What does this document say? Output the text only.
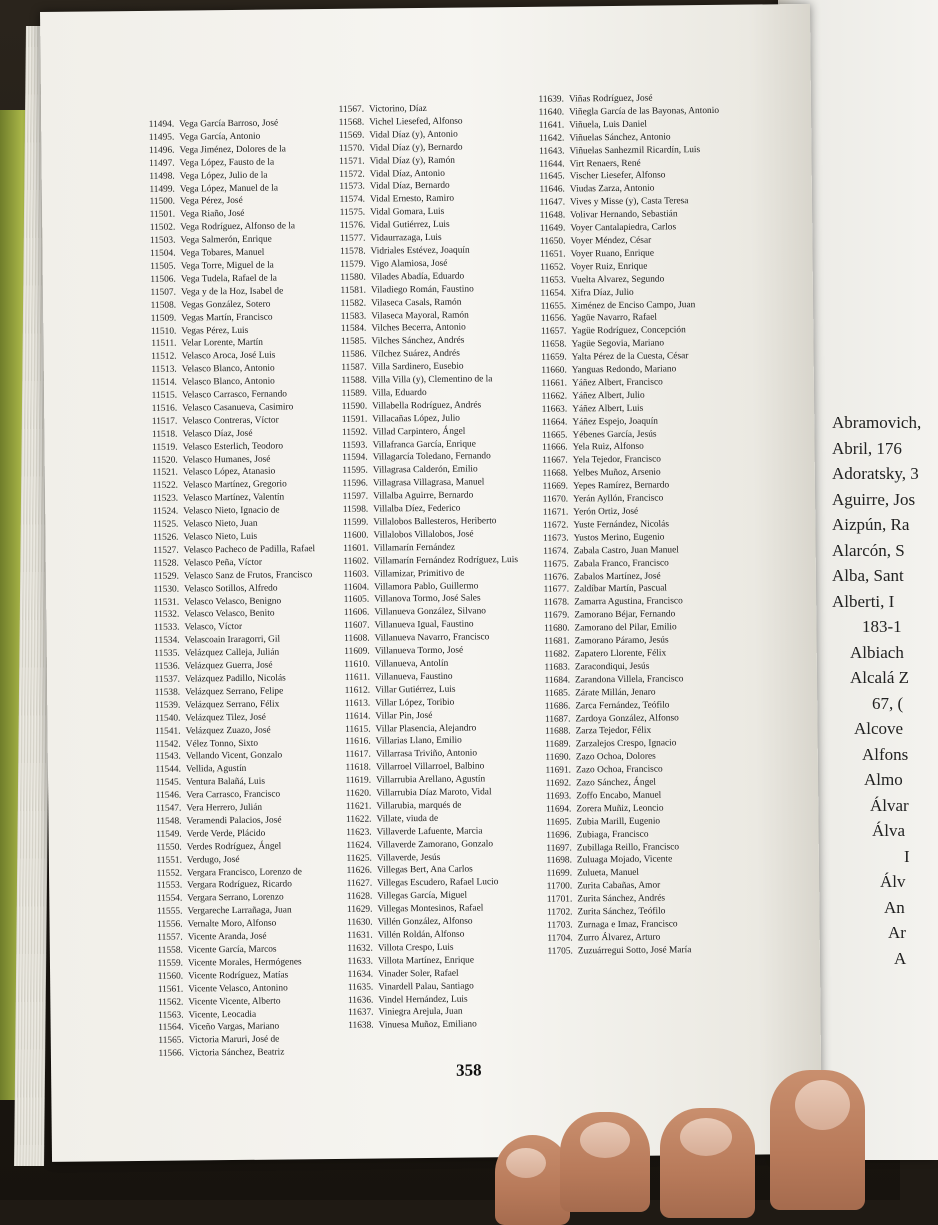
Abramovich,
Abril, 176
Adoratsky, 3
Aguirre, Jos
Aizpún, Ra
Alarcón, S
Alba, Sant
Alberti, I
183-1
Albiach
Alcalá Z
67, (
Alcove
Alfons
Almo
Álvar
Álva
I
Álv
An
Ar
A
11494. Vega García Barroso, José
11495. Vega García, Antonio
11496. Vega Jiménez, Dolores de la
11497. Vega López, Fausto de la
11498. Vega López, Julio de la
11499. Vega López, Manuel de la
11500. Vega Pérez, José
11501. Vega Riaño, José
11502. Vega Rodríguez, Alfonso de la
11503. Vega Salmerón, Enrique
11504. Vega Tobares, Manuel
11505. Vega Torre, Miguel de la
11506. Vega Tudela, Rafael de la
11507. Vega y de la Hoz, Isabel de
11508. Vegas González, Sotero
11509. Vegas Martín, Francisco
11510. Vegas Pérez, Luis
11511. Velar Lorente, Martín
11512. Velasco Aroca, José Luis
11513. Velasco Blanco, Antonio
11514. Velasco Blanco, Antonio
11515. Velasco Carrasco, Fernando
11516. Velasco Casanueva, Casimiro
11517. Velasco Contreras, Víctor
11518. Velasco Díaz, José
11519. Velasco Esterlich, Teodoro
11520. Velasco Humanes, José
11521. Velasco López, Atanasio
11522. Velasco Martínez, Gregorio
11523. Velasco Martínez, Valentín
11524. Velasco Nieto, Ignacio de
11525. Velasco Nieto, Juan
11526. Velasco Nieto, Luis
11527. Velasco Pacheco de Padilla, Rafael
11528. Velasco Peña, Víctor
11529. Velasco Sanz de Frutos, Francisco
11530. Velasco Sotillos, Alfredo
11531. Velasco Velasco, Benigno
11532. Velasco Velasco, Benito
11533. Velasco, Víctor
11534. Velascoain Iraragorri, Gil
11535. Velázquez Calleja, Julián
11536. Velázquez Guerra, José
11537. Velázquez Padillo, Nicolás
11538. Velázquez Serrano, Felipe
11539. Velázquez Serrano, Félix
11540. Velázquez Tilez, José
11541. Velázquez Zuazo, José
11542. Vélez Tonno, Sixto
11543. Vellando Vicent, Gonzalo
11544. Vellida, Agustín
11545. Ventura Balañá, Luis
11546. Vera Carrasco, Francisco
11547. Vera Herrero, Julián
11548. Veramendi Palacios, José
11549. Verde Verde, Plácido
11550. Verdes Rodríguez, Ángel
11551. Verdugo, José
11552. Vergara Francisco, Lorenzo de
11553. Vergara Rodríguez, Ricardo
11554. Vergara Serrano, Lorenzo
11555. Vergareche Larrañaga, Juan
11556. Vernalte Moro, Alfonso
11557. Vicente Aranda, José
11558. Vicente García, Marcos
11559. Vicente Morales, Hermógenes
11560. Vicente Rodríguez, Matías
11561. Vicente Velasco, Antonino
11562. Vicente Vicente, Alberto
11563. Vicente, Leocadia
11564. Viceño Vargas, Mariano
11565. Victoria Maruri, José de
11566. Victoria Sánchez, Beatriz
11567. Victorino, Díaz
11568. Vichel Liesefed, Alfonso
11569. Vidal Díaz (y), Antonio
11570. Vidal Díaz (y), Bernardo
11571. Vidal Díaz (y), Ramón
11572. Vidal Díaz, Antonio
11573. Vidal Díaz, Bernardo
11574. Vidal Ernesto, Ramiro
11575. Vidal Gomara, Luis
11576. Vidal Gutiérrez, Luis
11577. Vidaurrazaga, Luis
11578. Vidriales Estévez, Joaquín
11579. Vigo Alamiosa, José
11580. Vilades Abadía, Eduardo
11581. Viladiego Román, Faustino
11582. Vilaseca Casals, Ramón
11583. Vilaseca Mayoral, Ramón
11584. Vilches Becerra, Antonio
11585. Vilches Sánchez, Andrés
11586. Vílchez Suárez, Andrés
11587. Villa Sardinero, Eusebio
11588. Villa Villa (y), Clementino de la
11589. Villa, Eduardo
11590. Villabella Rodríguez, Andrés
11591. Villacañas López, Julio
11592. Villad Carpintero, Ángel
11593. Villafranca García, Enrique
11594. Villagarcía Toledano, Fernando
11595. Villagrasa Calderón, Emilio
11596. Villagrasa Villagrasa, Manuel
11597. Villalba Aguirre, Bernardo
11598. Villalba Díez, Federico
11599. Villalobos Ballesteros, Heriberto
11600. Villalobos Villalobos, José
11601. Villamarín Fernández
11602. Villamarín Fernández Rodríguez, Luis
11603. Villamizar, Primitivo de
11604. Villamora Pablo, Guillermo
11605. Villanova Tormo, José Sales
11606. Villanueva González, Silvano
11607. Villanueva Igual, Faustino
11608. Villanueva Navarro, Francisco
11609. Villanueva Tormo, José
11610. Villanueva, Antolín
11611. Villanueva, Faustino
11612. Villar Gutiérrez, Luis
11613. Villar López, Toribio
11614. Villar Pin, José
11615. Villar Plasencia, Alejandro
11616. Villarias Llano, Emilio
11617. Villarrasa Triviño, Antonio
11618. Villarroel Villarroel, Balbino
11619. Villarrubia Arellano, Agustín
11620. Villarrubia Díaz Maroto, Vidal
11621. Villarubia, marqués de
11622. Villate, viuda de
11623. Villaverde Lafuente, Marcia
11624. Villaverde Zamorano, Gonzalo
11625. Villaverde, Jesús
11626. Villegas Bert, Ana Carlos
11627. Villegas Escudero, Rafael Lucio
11628. Villegas García, Miguel
11629. Villegas Montesinos, Rafael
11630. Villén González, Alfonso
11631. Villén Roldán, Alfonso
11632. Villota Crespo, Luis
11633. Villota Martínez, Enrique
11634. Vinader Soler, Rafael
11635. Vinardell Palau, Santiago
11636. Vindel Hernández, Luis
11637. Viniegra Arejula, Juan
11638. Vinuesa Muñoz, Emiliano
11639. Viñas Rodríguez, José
11640. Viñegla García de las Bayonas, Antonio
11641. Viñuela, Luis Daniel
11642. Viñuelas Sánchez, Antonio
11643. Viñuelas Sanhezmil Ricardín, Luis
11644. Virt Renaers, René
11645. Vischer Liesefer, Alfonso
11646. Viudas Zarza, Antonio
11647. Vives y Misse (y), Casta Teresa
11648. Volivar Hernando, Sebastián
11649. Voyer Cantalapiedra, Carlos
11650. Voyer Méndez, César
11651. Voyer Ruano, Enrique
11652. Voyer Ruiz, Enrique
11653. Vuelta Alvarez, Segundo
11654. Xifra Díaz, Julio
11655. Ximénez de Enciso Campo, Juan
11656. Yagüe Navarro, Rafael
11657. Yagüe Rodríguez, Concepción
11658. Yagüe Segovia, Mariano
11659. Yalta Pérez de la Cuesta, César
11660. Yanguas Redondo, Mariano
11661. Yáñez Albert, Francisco
11662. Yáñez Albert, Julio
11663. Yáñez Albert, Luis
11664. Yáñez Espejo, Joaquín
11665. Yébenes García, Jesús
11666. Yela Ruiz, Alfonso
11667. Yela Tejedor, Francisco
11668. Yelbes Muñoz, Arsenio
11669. Yepes Ramírez, Bernardo
11670. Yerán Ayllón, Francisco
11671. Yerón Ortiz, José
11672. Yuste Fernández, Nicolás
11673. Yustos Merino, Eugenio
11674. Zabala Castro, Juan Manuel
11675. Zabala Franco, Francisco
11676. Zabalos Martínez, José
11677. Zaldíbar Martín, Pascual
11678. Zamarra Agustina, Francisco
11679. Zamorano Béjar, Fernando
11680. Zamorano del Pilar, Emilio
11681. Zamorano Páramo, Jesús
11682. Zapatero Llorente, Félix
11683. Zaracondiqui, Jesús
11684. Zarandona Villela, Francisco
11685. Zárate Millán, Jenaro
11686. Zarca Fernández, Teófilo
11687. Zardoya González, Alfonso
11688. Zarza Tejedor, Félix
11689. Zarzalejos Crespo, Ignacio
11690. Zazo Ochoa, Dolores
11691. Zazo Ochoa, Francisco
11692. Zazo Sánchez, Ángel
11693. Zoffo Encabo, Manuel
11694. Zorera Muñiz, Leoncio
11695. Zubia Marill, Eugenio
11696. Zubiaga, Francisco
11697. Zubillaga Reillo, Francisco
11698. Zuluaga Mojado, Vicente
11699. Zulueta, Manuel
11700. Zurita Cabañas, Amor
11701. Zurita Sánchez, Andrés
11702. Zurita Sánchez, Teófilo
11703. Zurnaga e Imaz, Francisco
11704. Zurro Álvarez, Arturo
11705. Zuzuárregui Sotto, José María
358
